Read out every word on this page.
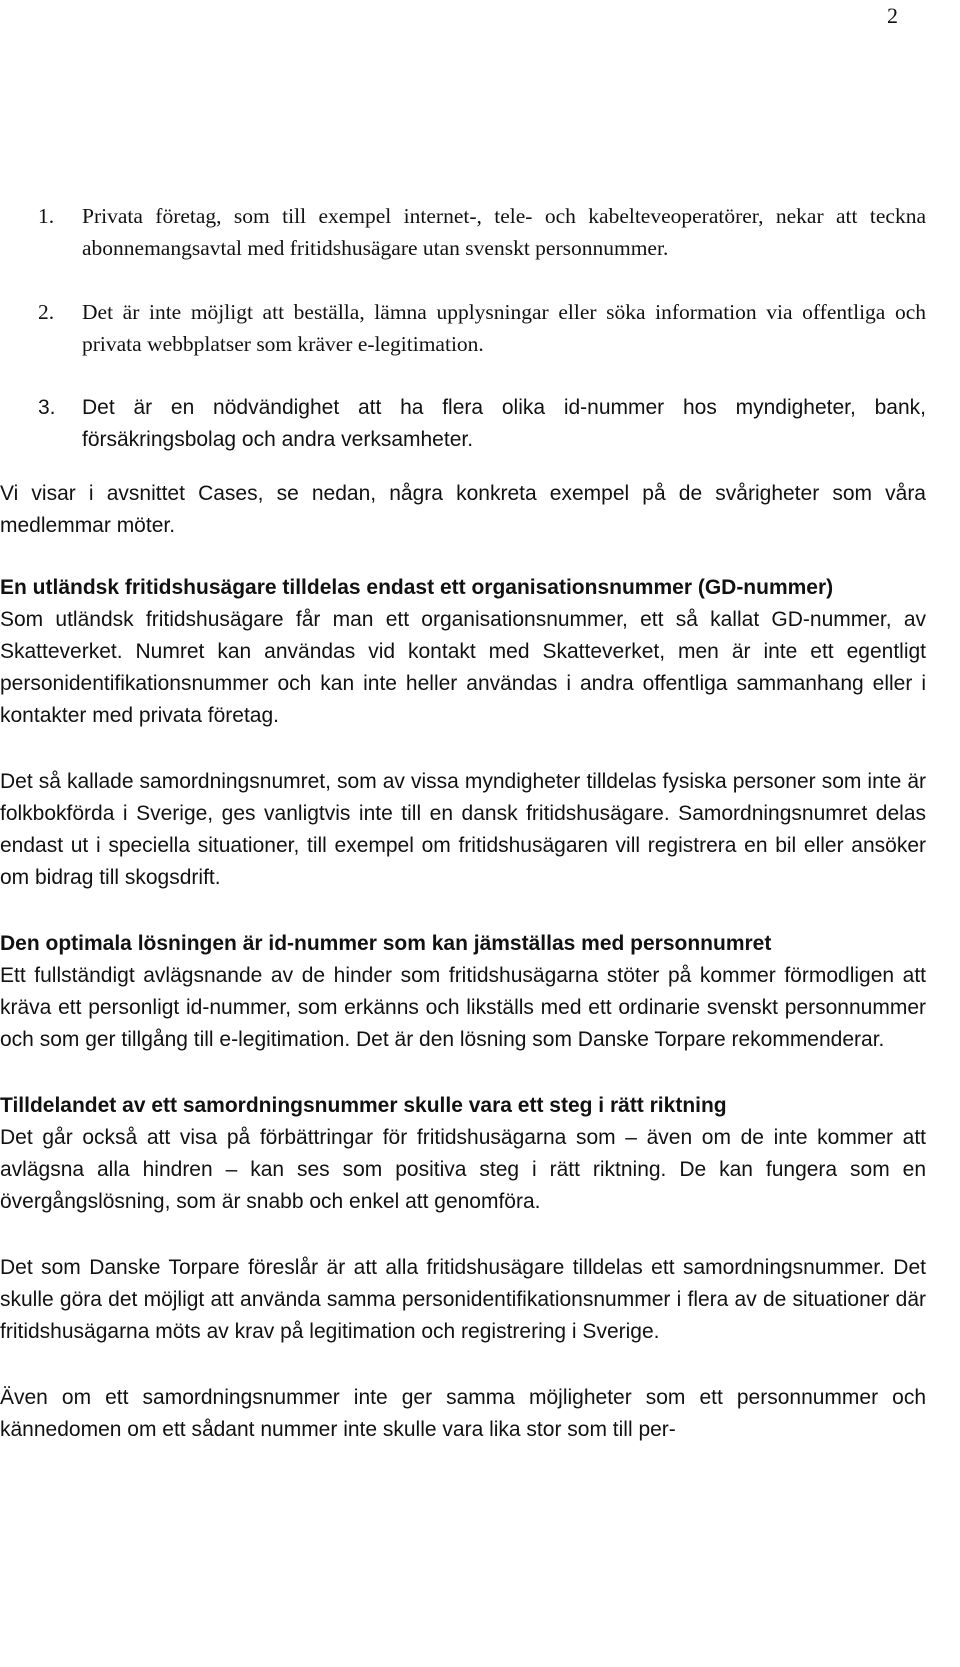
2
1. Privata företag, som till exempel internet-, tele- och kabelteveoperatörer, nekar att teckna abonnemangsavtal med fritidshusägare utan svenskt personnummer.
2. Det är inte möjligt att beställa, lämna upplysningar eller söka information via offentliga och privata webbplatser som kräver e-legitimation.
3. Det är en nödvändighet att ha flera olika id-nummer hos myndigheter, bank, försäkringsbolag och andra verksamheter.

Vi visar i avsnittet Cases, se nedan, några konkreta exempel på de svårigheter som våra medlemmar möter.

En utländsk fritidshusägare tilldelas endast ett organisationsnummer (GD-nummer)
Som utländsk fritidshusägare får man ett organisationsnummer, ett så kallat GD-nummer, av Skatteverket. Numret kan användas vid kontakt med Skatteverket, men är inte ett egentligt personidentifikationsnummer och kan inte heller användas i andra offentliga sammanhang eller i kontakter med privata företag.

Det så kallade samordningsnumret, som av vissa myndigheter tilldelas fysiska personer som inte är folkbokförda i Sverige, ges vanligtvis inte till en dansk fritidshusägare. Samordningsnumret delas endast ut i speciella situationer, till exempel om fritidshusägaren vill registrera en bil eller ansöker om bidrag till skogsdrift.

Den optimala lösningen är id-nummer som kan jämställas med personnumret
Ett fullständigt avlägsnande av de hinder som fritidshusägarna stöter på kommer förmodligen att kräva ett personligt id-nummer, som erkänns och likställs med ett ordinarie svenskt personnummer och som ger tillgång till e-legitimation. Det är den lösning som Danske Torpare rekommenderar.
Tilldelandet av ett samordningsnummer skulle vara ett steg i rätt riktning
Det går också att visa på förbättringar för fritidshusägarna som – även om de inte kommer att avlägsna alla hindren – kan ses som positiva steg i rätt riktning. De kan fungera som en övergångslösning, som är snabb och enkel att genomföra.

Det som Danske Torpare föreslår är att alla fritidshusägare tilldelas ett samordningsnummer. Det skulle göra det möjligt att använda samma personidentifikationsnummer i flera av de situationer där fritidshusägarna möts av krav på legitimation och registrering i Sverige.

Även om ett samordningsnummer inte ger samma möjligheter som ett personnummer och kännedomen om ett sådant nummer inte skulle vara lika stor som till per-
